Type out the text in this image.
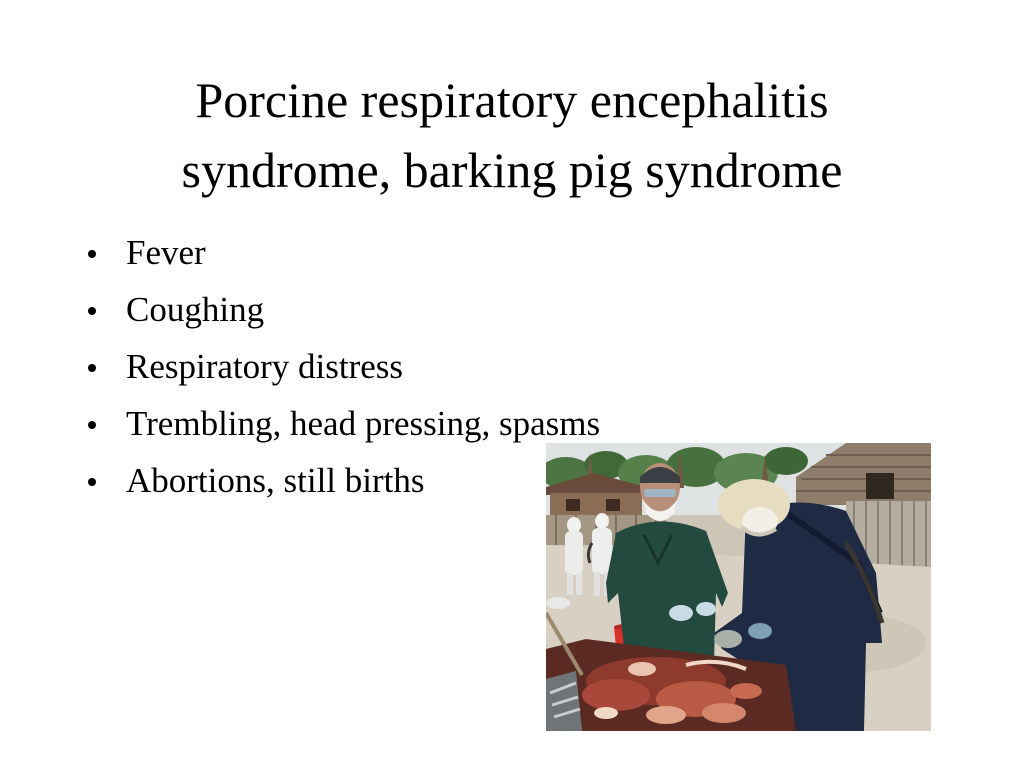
Porcine respiratory encephalitis
syndrome, barking pig syndrome
Fever
Coughing
Respiratory distress
Trembling, head pressing, spasms
Abortions, still births
